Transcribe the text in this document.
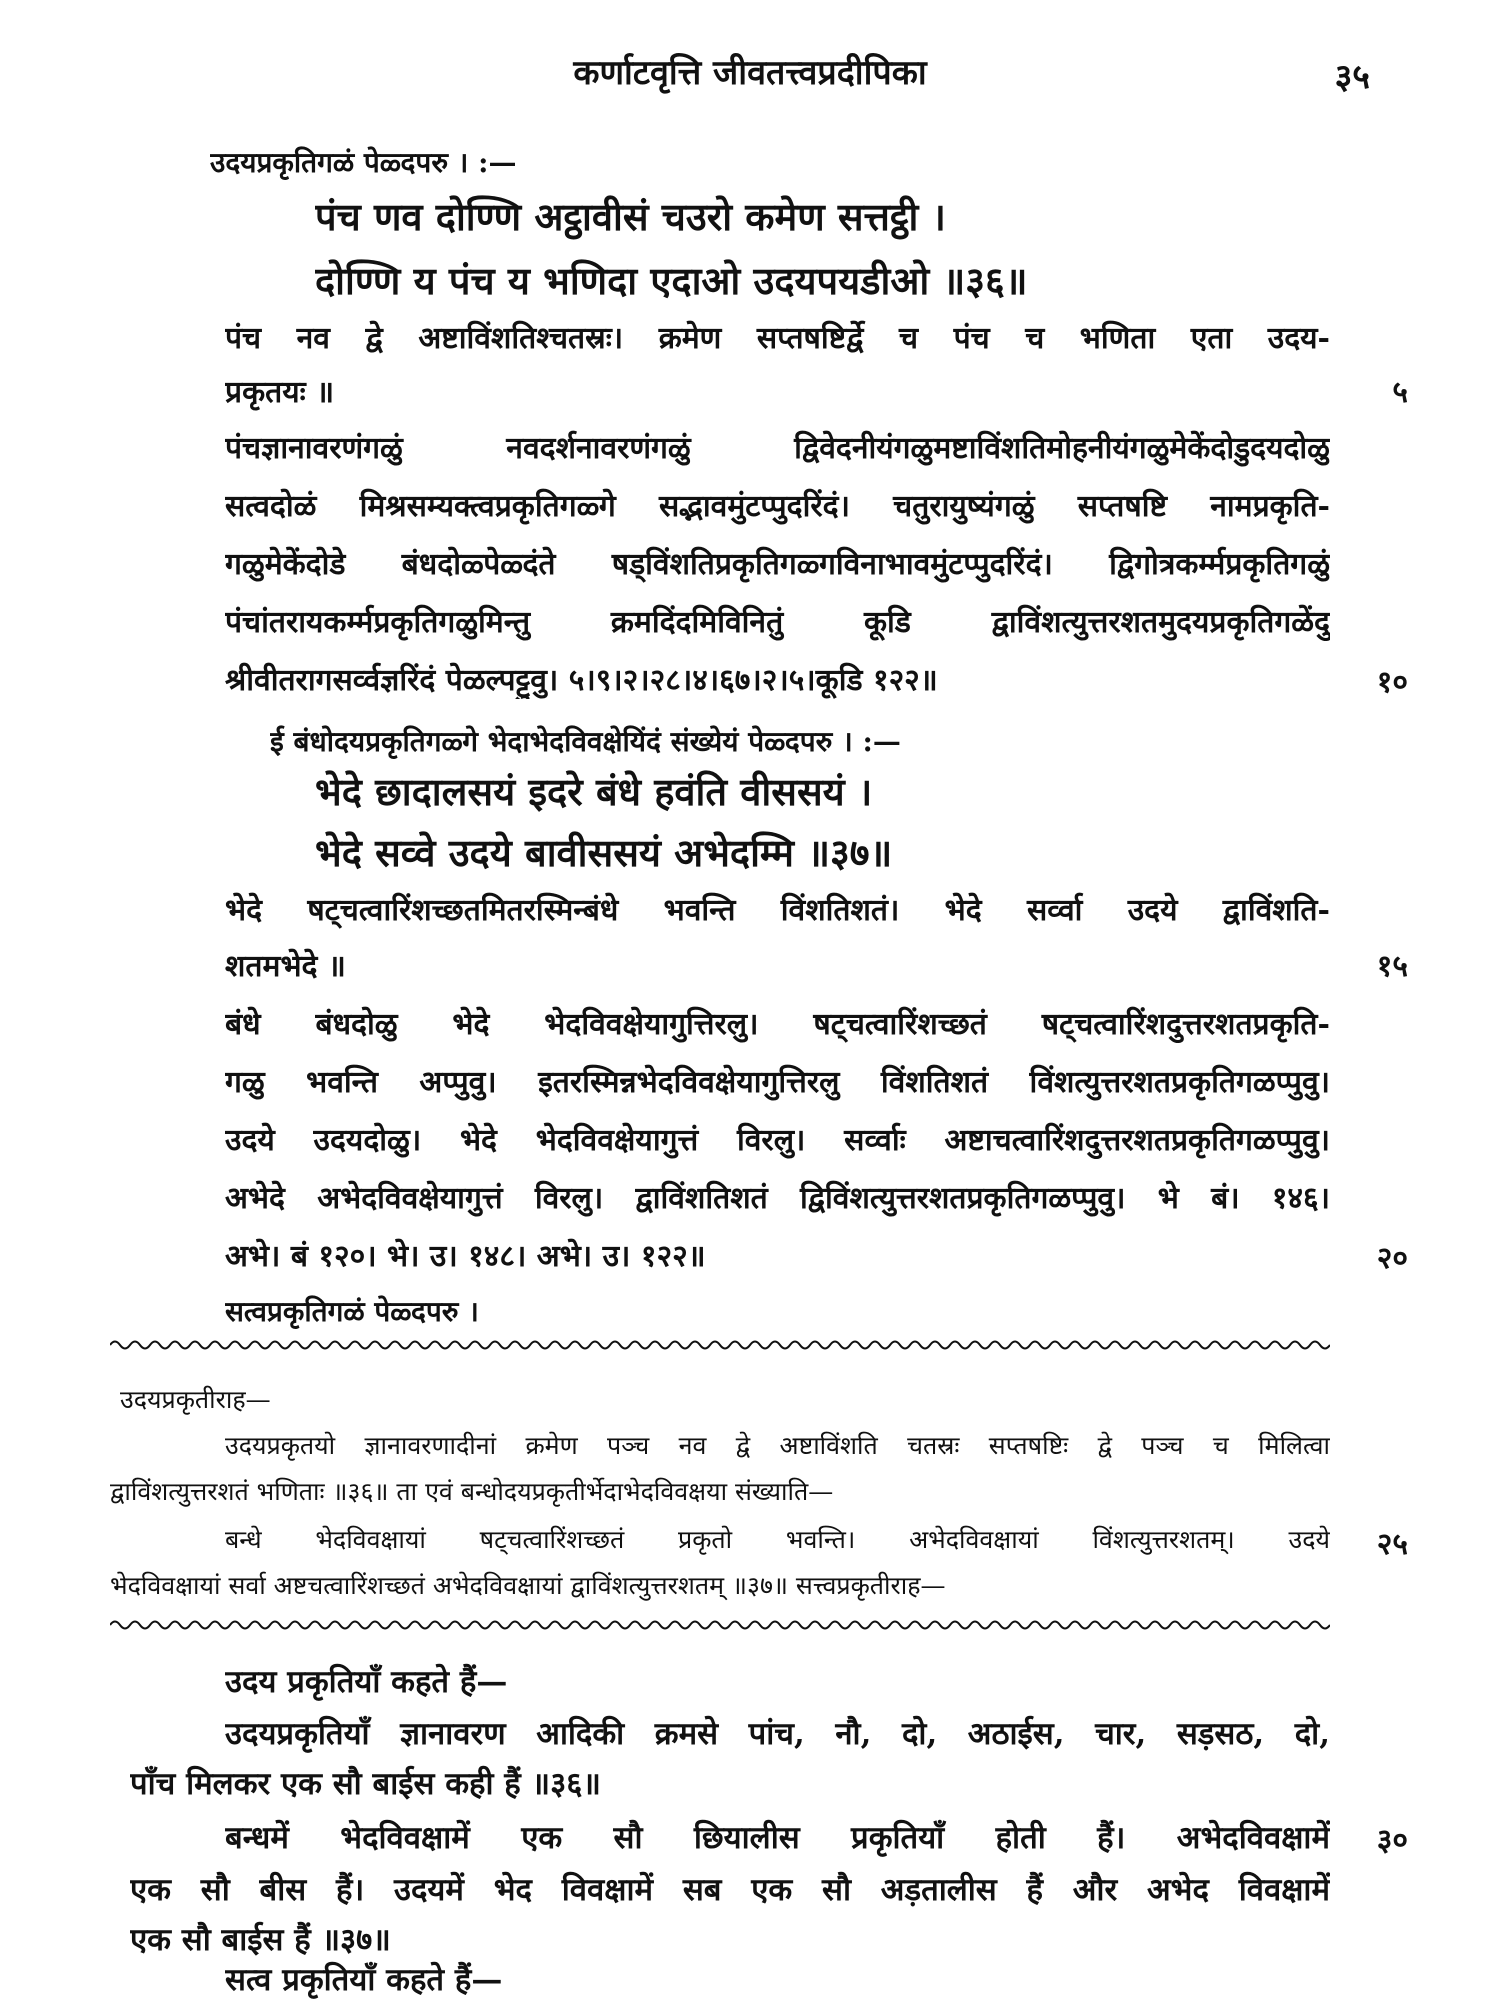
कर्णाटवृत्ति जीवतत्त्वप्रदीपिका	३५
उदयप्रकृतिगळं पेळ्दपरु । :—
पंच णव दोण्णि अट्ठावीसं चउरो कमेण सत्तट्ठी ।
दोण्णि य पंच य भणिदा एदाओ उदयपयडीओ ॥३६॥
पंच नव द्वे अष्टाविंशतिश्चतस्रः। क्रमेण सप्तषष्टिर्द्वे च पंच च भणिता एता उदय-
प्रकृतयः ॥	५
पंचज्ञानावरणंगळुं नवदर्शनावरणंगळुं द्विवेदनीयंगळुमष्टाविंशतिमोहनीयंगळुमेकेंदोडुदयदोळु
सत्वदोळं मिश्रसम्यक्त्वप्रकृतिगळ्गे सद्भावमुंटप्पुदरिंदं। चतुरायुष्यंगळुं सप्तषष्टि नामप्रकृति-
गळुमेकेंदोडे बंधदोळ्पेळ्दंते षड्विंशतिप्रकृतिगळ्गविनाभावमुंटप्पुदरिंदं। द्विगोत्रकर्म्मप्रकृतिगळुं
पंचांतरायकर्म्मप्रकृतिगळुमिन्तु क्रमदिंदमिविनितुं कूडि द्वाविंशत्युत्तरशतमुदयप्रकृतिगळेंदु
श्रीवीतरागसर्व्वज्ञरिंदं पेळल्पट्टुवु। ५।९।२।२८।४।६७।२।५।कूडि १२२॥	१०
ई बंधोदयप्रकृतिगळ्गे भेदाभेदविवक्षेयिंदं संख्येयं पेळ्दपरु । :—
भेदे छादालसयं इदरे बंधे हवंति वीससयं ।
भेदे सव्वे उदये बावीससयं अभेदम्मि ॥३७॥
भेदे षट्चत्वारिंशच्छतमितरस्मिन्बंधे भवन्ति विंशतिशतं। भेदे सर्व्वा उदये द्वाविंशति-
शतमभेदे ॥	१५
बंधे बंधदोळु भेदे भेदविवक्षेयागुत्तिरलु। षट्चत्वारिंशच्छतं षट्चत्वारिंशदुत्तरशतप्रकृति-
गळु भवन्ति अप्पुवु। इतरस्मिन्नभेदविवक्षेयागुत्तिरलु विंशतिशतं विंशत्युत्तरशतप्रकृतिगळप्पुवु।
उदये उदयदोळु। भेदे भेदविवक्षेयागुत्तं विरलु। सर्व्वाः अष्टाचत्वारिंशदुत्तरशतप्रकृतिगळप्पुवु।
अभेदे अभेदविवक्षेयागुत्तं विरलु। द्वाविंशतिशतं द्विविंशत्युत्तरशतप्रकृतिगळप्पुवु। भे बं। १४६।
अभे। बं १२०। भे। उ। १४८। अभे। उ। १२२॥	२०
सत्वप्रकृतिगळं पेळ्दपरु ।
उदयप्रकृतीराह—
उदयप्रकृतयो ज्ञानावरणादीनां क्रमेण पञ्च नव द्वे अष्टाविंशति चतस्रः सप्तषष्टिः द्वे पञ्च च मिलित्वा
द्वाविंशत्युत्तरशतं भणिताः ॥३६॥ ता एवं बन्धोदयप्रकृतीर्भेदाभेदविवक्षया संख्याति—
बन्धे भेदविवक्षायां षट्चत्वारिंशच्छतं प्रकृतो भवन्ति। अभेदविवक्षायां विंशत्युत्तरशतम्। उदये २५
भेदविवक्षायां सर्वा अष्टचत्वारिंशच्छतं अभेदविवक्षायां द्वाविंशत्युत्तरशतम् ॥३७॥ सत्त्वप्रकृतीराह—
उदय प्रकृतियाँ कहते हैं—
उदयप्रकृतियाँ ज्ञानावरण आदिकी क्रमसे पांच, नौ, दो, अठाईस, चार, सड़सठ, दो,
पाँच मिलकर एक सौ बाईस कही हैं ॥३६॥
बन्धमें भेदविवक्षामें एक सौ छियालीस प्रकृतियाँ होती हैं। अभेदविवक्षामें ३०
एक सौ बीस हैं। उदयमें भेद विवक्षामें सब एक सौ अड़तालीस हैं और अभेद विवक्षामें
एक सौ बाईस हैं ॥३७॥
सत्व प्रकृतियाँ कहते हैं—
